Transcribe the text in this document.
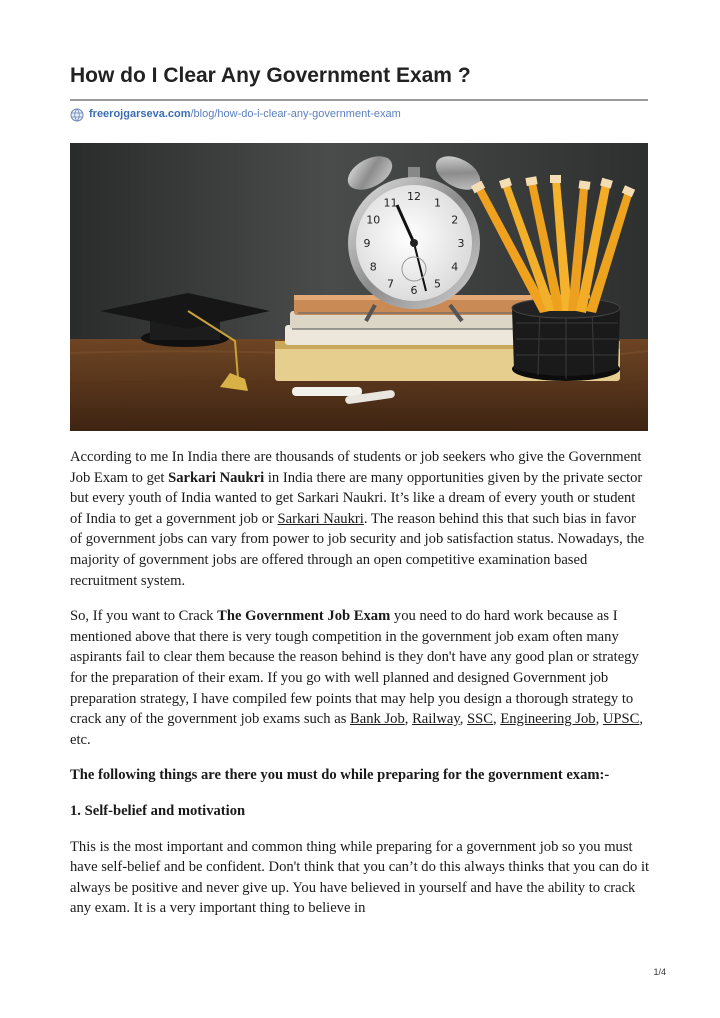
How do I Clear Any Government Exam ?
freerojgarseva.com/blog/how-do-i-clear-any-government-exam
12 1
2
3
4
5
6
7
8
9
10
11

According to me In India there are thousands of students or job seekers who give the Government Job Exam to get Sarkari Naukri in India there are many opportunities given by the private sector but every youth of India wanted to get Sarkari Naukri. It’s like a dream of every youth or student of India to get a government job or Sarkari Naukri. The reason behind this that such bias in favor of government jobs can vary from power to job security and job satisfaction status. Nowadays, the majority of government jobs are offered through an open competitive examination based recruitment system.

So, If you want to Crack The Government Job Exam you need to do hard work because as I mentioned above that there is very tough competition in the government job exam often many aspirants fail to clear them because the reason behind is they don't have any good plan or strategy for the preparation of their exam. If you go with well planned and designed Government job preparation strategy, I have compiled few points that may help you design a thorough strategy to crack any of the government job exams such as Bank Job, Railway, SSC, Engineering Job, UPSC, etc.

The following things are there you must do while preparing for the government exam:-

1. Self-belief and motivation

This is the most important and common thing while preparing for a government job so you must have self-belief and be confident. Don't think that you can’t do this always thinks that you can do it always be positive and never give up. You have believed in yourself and have the ability to crack any exam. It is a very important thing to believe in

1/4
